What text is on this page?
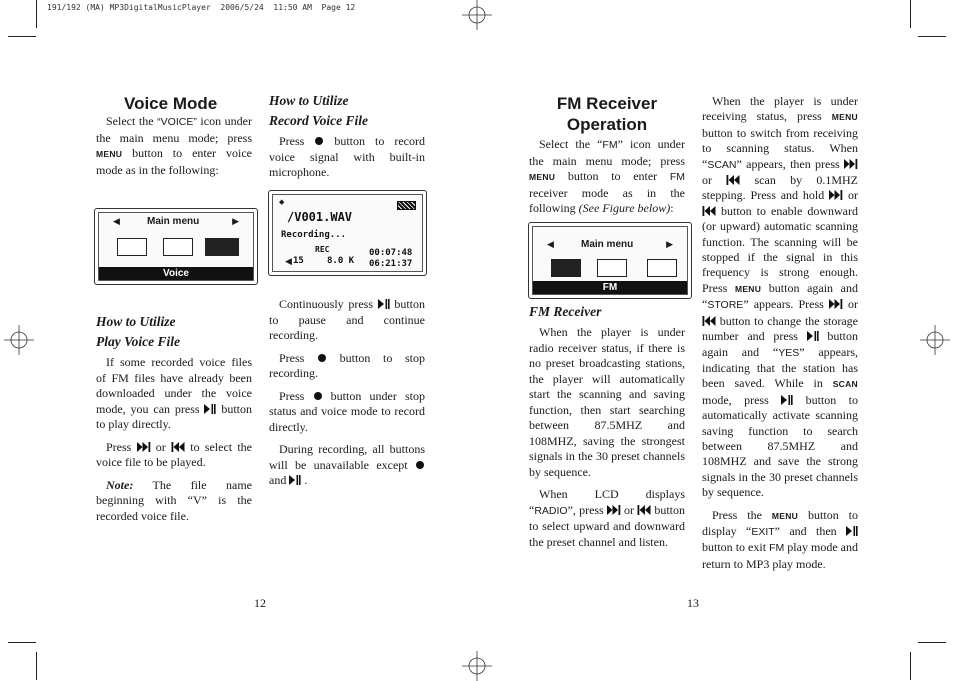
191/192 (MA) MP3DigitalMusicPlayer  2006/5/24  11:50 AM  Page 12
Voice Mode

Select the “VOICE” icon under the main menu mode; press MENU button to enter voice mode as in the following:

◀	Main menu	▶
Voice
How to Utilize
Play Voice File

If some recorded voice files of FM files have already been downloaded under the voice mode, you can press  button to play directly.

Press  or  to select the voice file to be played.

Note: The file name beginning with “V” is the recorded voice file.

12
How to Utilize
Record Voice File

Press  button to record voice signal with built-in microphone.

◆
/V001.WAV
Recording...
REC	00:07:48
◀ 15	8.0 K 06:21:37

Continuously press  button to pause and continue recording.

Press  button to stop recording.

Press  button under stop status and voice mode to record directly.

During recording, all buttons will be unavailable except  and  .

FM Receiver
Operation

Select the “FM” icon under the main menu mode; press MENU button to enter FM receiver mode as in the following (See Figure below):

◀	Main menu	▶
FM
FM Receiver

When the player is under radio receiver status, if there is no preset broadcasting stations, the player will automatically start the scanning and saving function, then start searching between 87.5MHZ and 108MHZ, saving the strongest signals in the 30 preset channels by sequence.

When LCD displays “RADIO”, press  or  button to select upward and downward the preset channel and listen.

13

When the player is under receiving status, press MENU button to switch from receiving to scanning status. When “SCAN” appears, then press  or  scan by 0.1MHZ stepping. Press and hold  or  button to enable downward (or upward) automatic scanning function. The scanning will be stopped if the signal in this frequency is strong enough. Press MENU button again and “STORE” appears. Press  or  button to change the storage number and press  button again and “YES” appears, indicating that the station has been saved. While in SCAN mode, press  button to automatically activate scanning saving function to search between 87.5MHZ and 108MHZ and save the strong signals in the 30 preset channels by sequence.

Press the MENU button to display “EXIT” and then  button to exit FM play mode and return to MP3 play mode.
